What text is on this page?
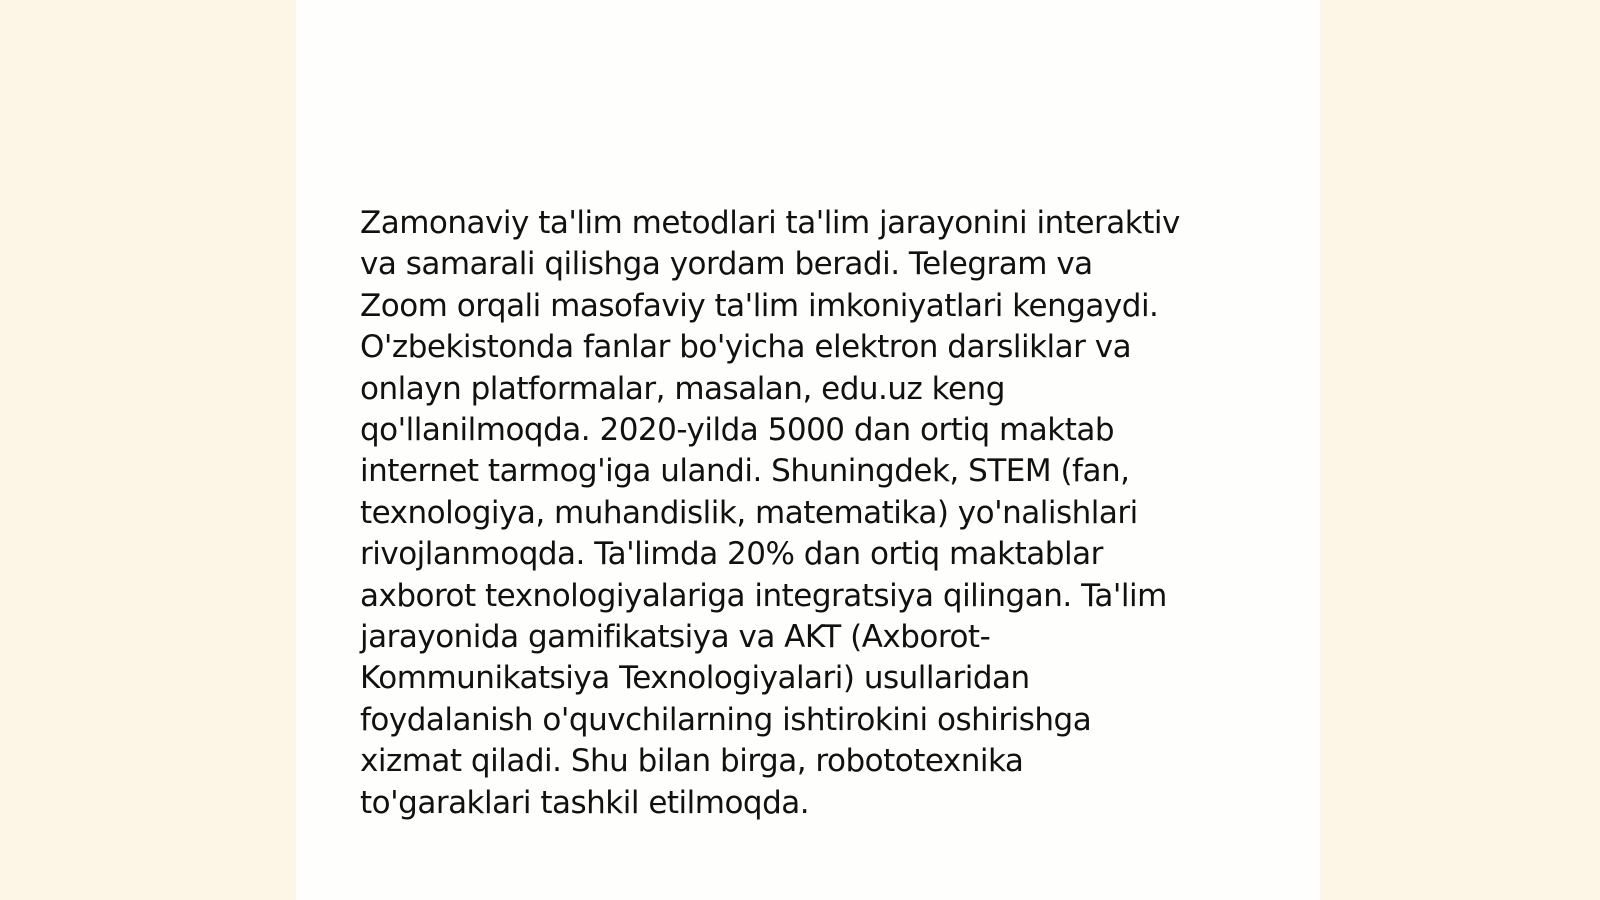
Zamonaviy ta'lim metodlari ta'lim jarayonini interaktiv
va samarali qilishga yordam beradi. Telegram va
Zoom orqali masofaviy ta'lim imkoniyatlari kengaydi.
O'zbekistonda fanlar bo'yicha elektron darsliklar va
onlayn platformalar, masalan, edu.uz keng
qo'llanilmoqda. 2020-yilda 5000 dan ortiq maktab
internet tarmog'iga ulandi. Shuningdek, STEM (fan,
texnologiya, muhandislik, matematika) yo'nalishlari
rivojlanmoqda. Ta'limda 20% dan ortiq maktablar
axborot texnologiyalariga integratsiya qilingan. Ta'lim
jarayonida gamifikatsiya va AKT (Axborot-
Kommunikatsiya Texnologiyalari) usullaridan
foydalanish o'quvchilarning ishtirokini oshirishga
xizmat qiladi. Shu bilan birga, robototexnika
to'garaklari tashkil etilmoqda.
